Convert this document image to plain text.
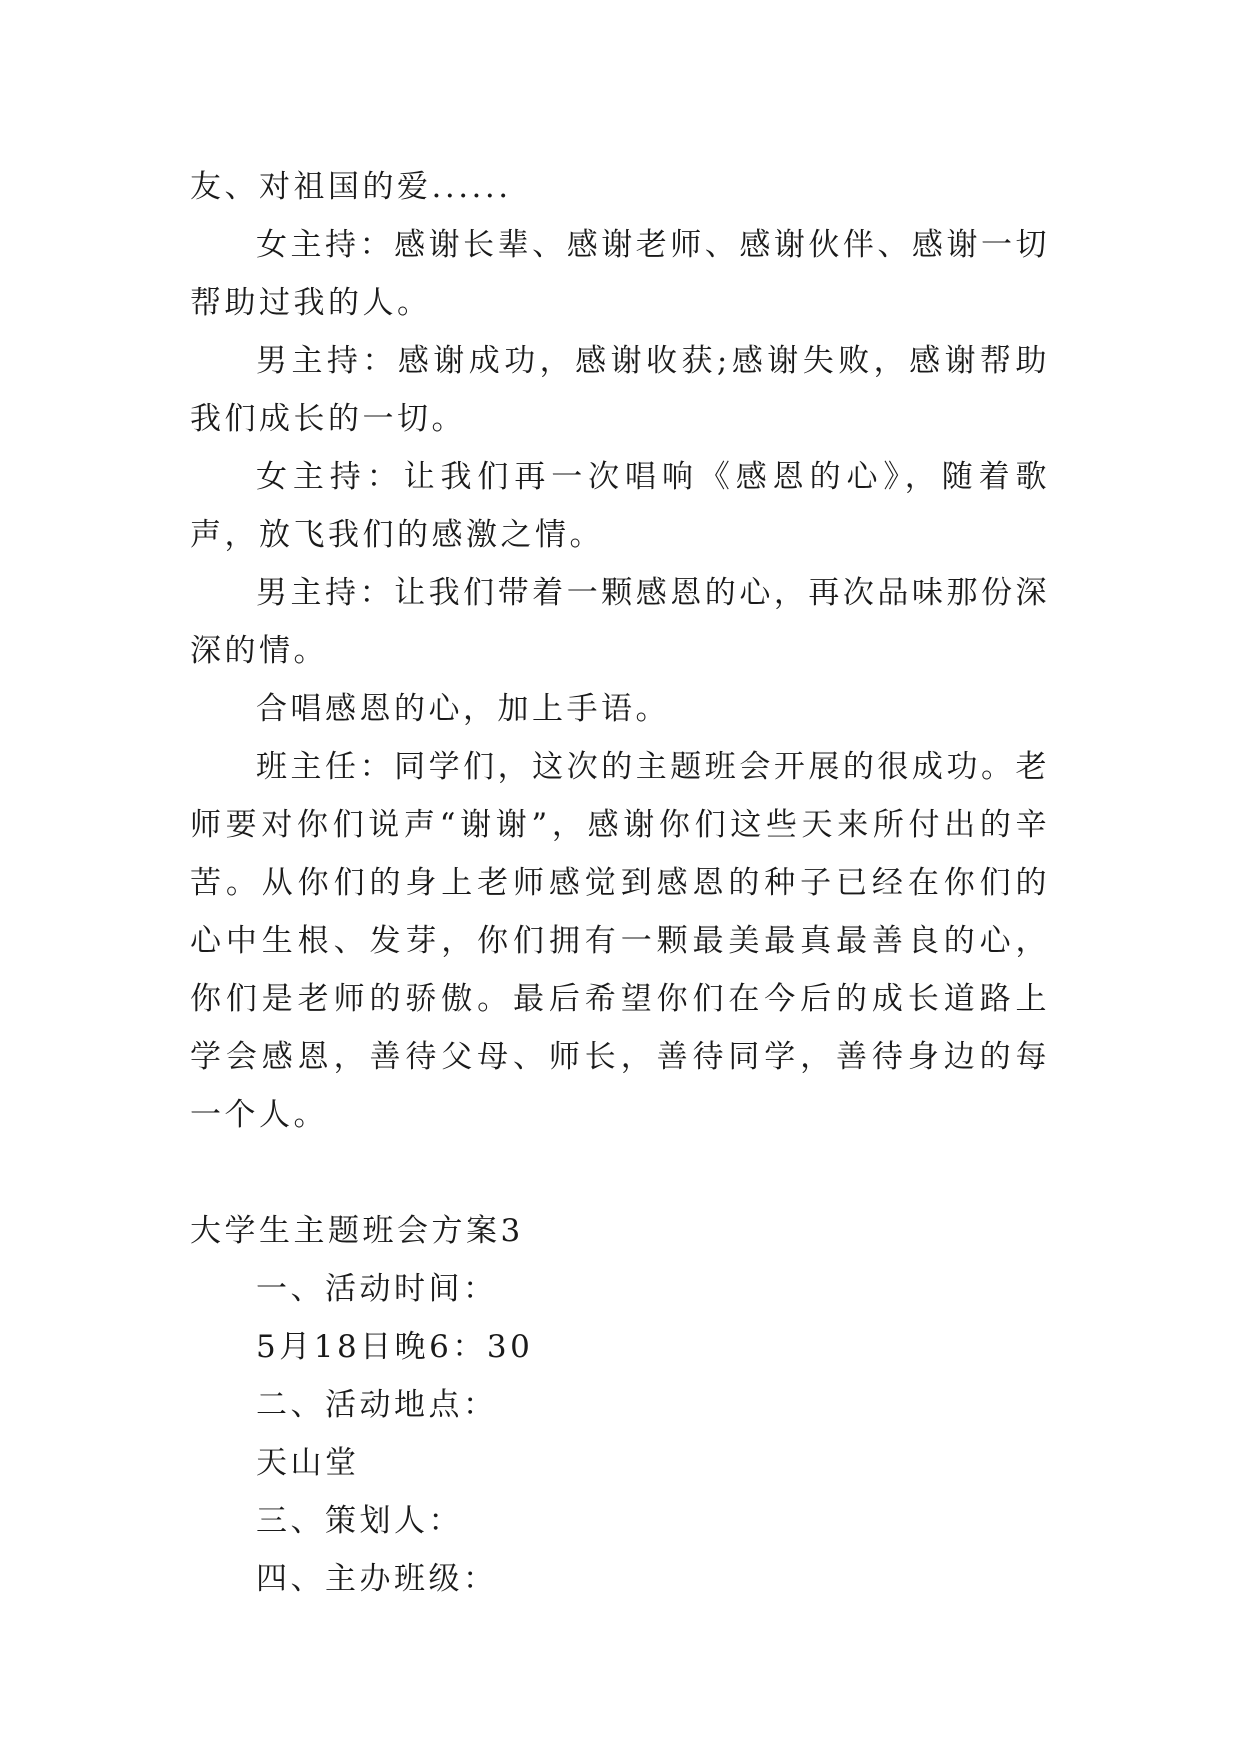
友、对祖国的爱......

女主持：感谢长辈、感谢老师、感谢伙伴、感谢一切帮助过我的人。

男主持：感谢成功，感谢收获;感谢失败，感谢帮助我们成长的一切。

女主持：让我们再一次唱响《感恩的心》，随着歌声，放飞我们的感激之情。

男主持：让我们带着一颗感恩的心，再次品味那份深深的情。

合唱感恩的心，加上手语。

班主任：同学们，这次的主题班会开展的很成功。老师要对你们说声“谢谢”，感谢你们这些天来所付出的辛苦。从你们的身上老师感觉到感恩的种子已经在你们的心中生根、发芽，你们拥有一颗最美最真最善良的心，你们是老师的骄傲。最后希望你们在今后的成长道路上学会感恩，善待父母、师长，善待同学，善待身边的每一个人。

大学生主题班会方案3

一、活动时间：

5月18日晚6：30

二、活动地点：

天山堂

三、策划人：

四、主办班级：
